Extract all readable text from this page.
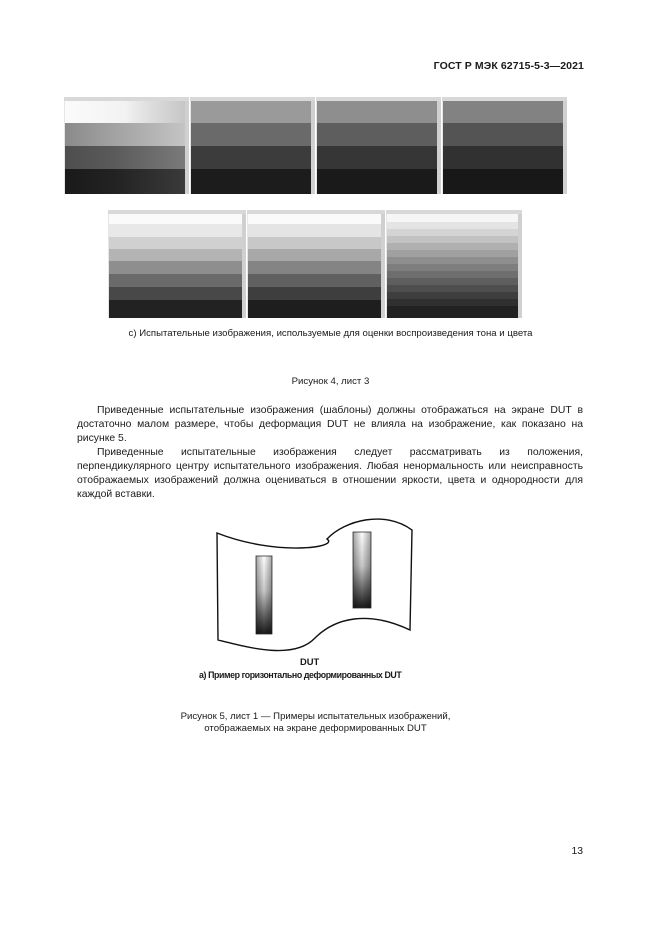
ГОСТ Р МЭК 62715-5-3—2021
c) Испытательные изображения, используемые для оценки воспроизведения тона и цвета
Рисунок 4, лист 3

Приведенные испытательные изображения (шаблоны) должны отображаться на экране DUT в достаточно малом размере, чтобы деформация DUT не влияла на изображение, как показано на рисунке 5.

Приведенные испытательные изображения следует рассматривать из положения, перпендикулярного центру испытательного изображения. Любая ненормальность или неисправность отображаемых изображений должна оцениваться в отношении яркости, цвета и однородности для каждой вставки.

DUT
а) Пример горизонтально деформированных DUT
Рисунок 5, лист 1 — Примеры испытательных изображений,
отображаемых на экране деформированных DUT
13
